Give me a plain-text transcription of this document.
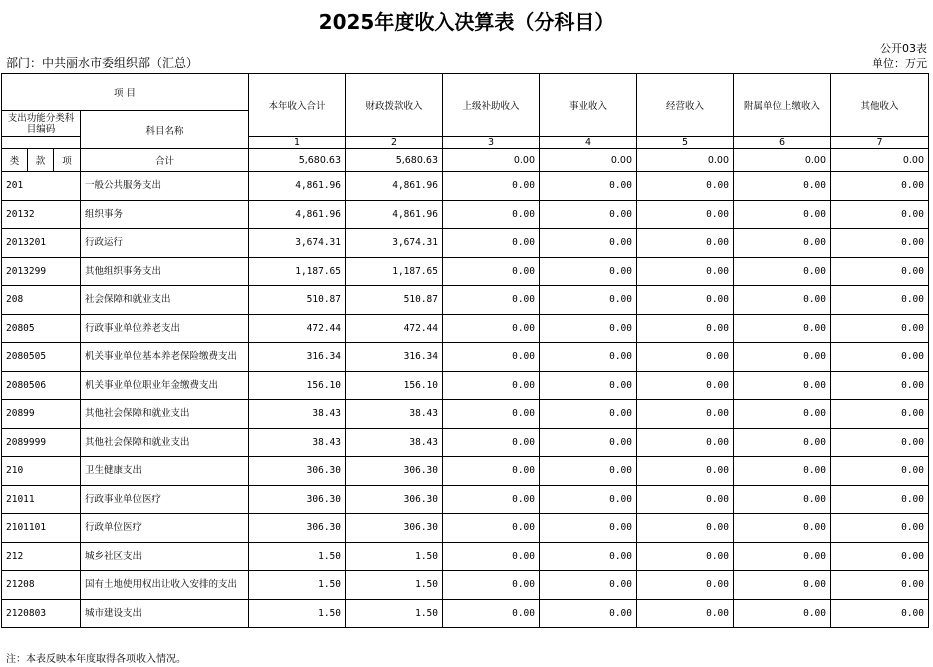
2025年度收入决算表（分科目）
公开03表
单位：万元
部门：中共丽水市委组织部（汇总）
项 目				本年收入合计	财政拨款收入	上级补助收入	事业收入	经营收入	附属单位上缴收入	其他收入
支出功能分类科目编码			科目名称							
				1	2	3	4	5	6	7
类	款	项	合计	5,680.63	5,680.63	0.00	0.00	0.00	0.00	0.00
201			一般公共服务支出	4,861.96	4,861.96	0.00	0.00	0.00	0.00	0.00
20132			组织事务	4,861.96	4,861.96	0.00	0.00	0.00	0.00	0.00
2013201			行政运行	3,674.31	3,674.31	0.00	0.00	0.00	0.00	0.00
2013299			其他组织事务支出	1,187.65	1,187.65	0.00	0.00	0.00	0.00	0.00
208			社会保障和就业支出	510.87	510.87	0.00	0.00	0.00	0.00	0.00
20805			行政事业单位养老支出	472.44	472.44	0.00	0.00	0.00	0.00	0.00
2080505			机关事业单位基本养老保险缴费支出	316.34	316.34	0.00	0.00	0.00	0.00	0.00
2080506			机关事业单位职业年金缴费支出	156.10	156.10	0.00	0.00	0.00	0.00	0.00
20899			其他社会保障和就业支出	38.43	38.43	0.00	0.00	0.00	0.00	0.00
2089999			其他社会保障和就业支出	38.43	38.43	0.00	0.00	0.00	0.00	0.00
210			卫生健康支出	306.30	306.30	0.00	0.00	0.00	0.00	0.00
21011			行政事业单位医疗	306.30	306.30	0.00	0.00	0.00	0.00	0.00
2101101			行政单位医疗	306.30	306.30	0.00	0.00	0.00	0.00	0.00
212			城乡社区支出	1.50	1.50	0.00	0.00	0.00	0.00	0.00
21208			国有土地使用权出让收入安排的支出	1.50	1.50	0.00	0.00	0.00	0.00	0.00
2120803			城市建设支出	1.50	1.50	0.00	0.00	0.00	0.00	0.00
注：本表反映本年度取得各项收入情况。
